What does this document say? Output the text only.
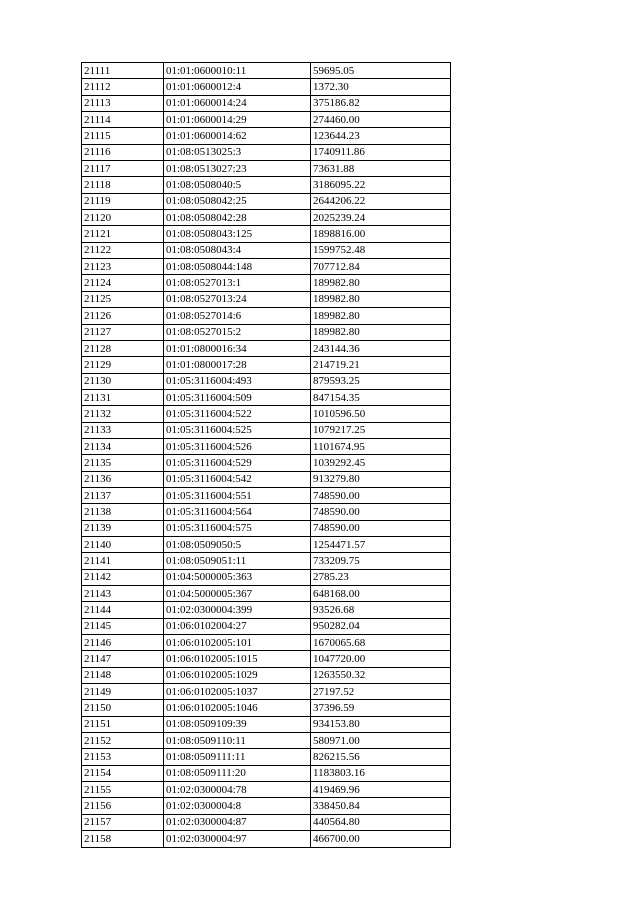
21111	01:01:0600010:11	59695.05
21112	01:01:0600012:4	1372.30
21113	01:01:0600014:24	375186.82
21114	01:01:0600014:29	274460.00
21115	01:01:0600014:62	123644.23
21116	01:08:0513025:3	1740911.86
21117	01:08:0513027:23	73631.88
21118	01:08:0508040:5	3186095.22
21119	01:08:0508042:25	2644206.22
21120	01:08:0508042:28	2025239.24
21121	01:08:0508043:125	1898816.00
21122	01:08:0508043:4	1599752.48
21123	01:08:0508044:148	707712.84
21124	01:08:0527013:1	189982.80
21125	01:08:0527013:24	189982.80
21126	01:08:0527014:6	189982.80
21127	01:08:0527015:2	189982.80
21128	01:01:0800016:34	243144.36
21129	01:01:0800017:28	214719.21
21130	01:05:3116004:493	879593.25
21131	01:05:3116004:509	847154.35
21132	01:05:3116004:522	1010596.50
21133	01:05:3116004:525	1079217.25
21134	01:05:3116004:526	1101674.95
21135	01:05:3116004:529	1039292.45
21136	01:05:3116004:542	913279.80
21137	01:05:3116004:551	748590.00
21138	01:05:3116004:564	748590.00
21139	01:05:3116004:575	748590.00
21140	01:08:0509050:5	1254471.57
21141	01:08:0509051:11	733209.75
21142	01:04:5000005:363	2785.23
21143	01:04:5000005:367	648168.00
21144	01:02:0300004:399	93526.68
21145	01:06:0102004:27	950282.04
21146	01:06:0102005:101	1670065.68
21147	01:06:0102005:1015	1047720.00
21148	01:06:0102005:1029	1263550.32
21149	01:06:0102005:1037	27197.52
21150	01:06:0102005:1046	37396.59
21151	01:08:0509109:39	934153.80
21152	01:08:0509110:11	580971.00
21153	01:08:0509111:11	826215.56
21154	01:08:0509111:20	1183803.16
21155	01:02:0300004:78	419469.96
21156	01:02:0300004:8	338450.84
21157	01:02:0300004:87	440564.80
21158	01:02:0300004:97	466700.00
